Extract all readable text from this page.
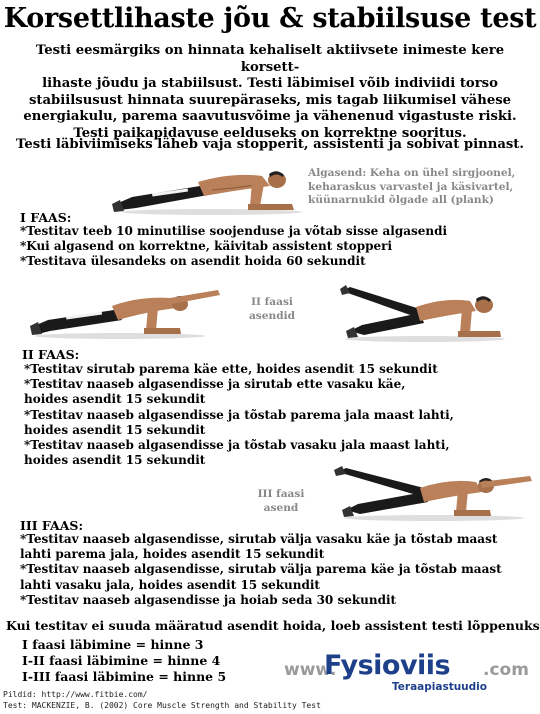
Korsettlihaste jõu & stabiilsuse test
Testi eesmärgiks on hinnata kehaliselt aktiivsete inimeste kere korsett-
lihaste jõudu ja stabiilsust. Testi läbimisel võib indiviidi torso
stabiilsusust hinnata suurepäraseks, mis tagab liikumisel vähese
energiakulu, parema saavutusvõime ja vähenenud vigastuste riski.
Testi paikapidavuse eelduseks on korrektne sooritus.
Testi läbiviimiseks läheb vaja stopperit, assistenti ja sobivat pinnast.
Algasend: Keha on ühel sirgjoonel,
keharaskus varvastel ja käsivartel,
küünarnukid õlgade all (plank)
I FAAS:
*Testitav teeb 10 minutilise soojenduse ja võtab sisse algasendi
*Kui algasend on korrektne, käivitab assistent stopperi
*Testitava ülesandeks on asendit hoida 60 sekundit
II faasi
asendid
II FAAS:
*Testitav sirutab parema käe ette, hoides asendit 15 sekundit
*Testitav naaseb algasendisse ja sirutab ette vasaku käe,
hoides asendit 15 sekundit
*Testitav naaseb algasendisse ja tõstab parema jala maast lahti,
hoides asendit 15 sekundit
*Testitav naaseb algasendisse ja tõstab vasaku jala maast lahti,
hoides asendit 15 sekundit
III faasi
asend
III FAAS:
*Testitav naaseb algasendisse, sirutab välja vasaku käe ja tõstab maast
lahti parema jala, hoides asendit 15 sekundit
*Testitav naaseb algasendisse, sirutab välja parema käe ja tõstab maast
lahti vasaku jala, hoides asendit 15 sekundit
*Testitav naaseb algasendisse ja hoiab seda 30 sekundit
Kui testitav ei suuda määratud asendit hoida, loeb assistent testi lõppenuks
I faasi läbimine = hinne 3
I-II faasi läbimine = hinne 4
I-III faasi läbimine = hinne 5	www.
Fysioviis .com
Teraapiastuudio
Pildid: http://www.fitbie.com/
Test: MACKENZIE, B. (2002) Core Muscle Strength and Stability Test
